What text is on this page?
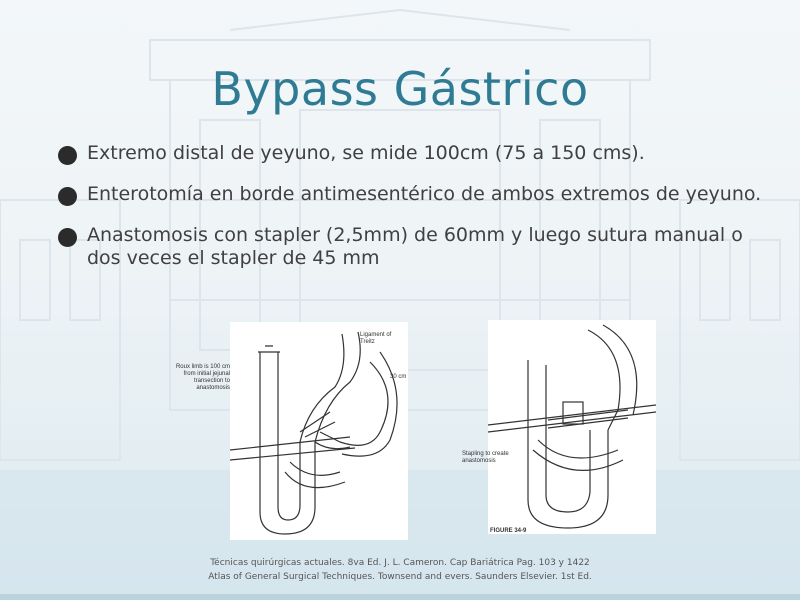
Bypass Gástrico
Extremo distal de yeyuno, se mide 100cm (75 a 150 cms).
Enterotomía en borde antimesentérico de ambos extremos de yeyuno.
Anastomosis con stapler (2,5mm) de 60mm y luego sutura manual o dos veces el stapler de 45 mm
Ligament of Treitz
30 cm
Roux limb is 100 cm from initial jejunal transection to anastomosis
FIGURE 34-9
Stapling to create anastomosis
Técnicas quirúrgicas actuales. 8va Ed. J. L. Cameron. Cap Bariátrica Pag. 103 y 1422
Atlas of General Surgical Techniques. Townsend and evers. Saunders Elsevier. 1st Ed.
